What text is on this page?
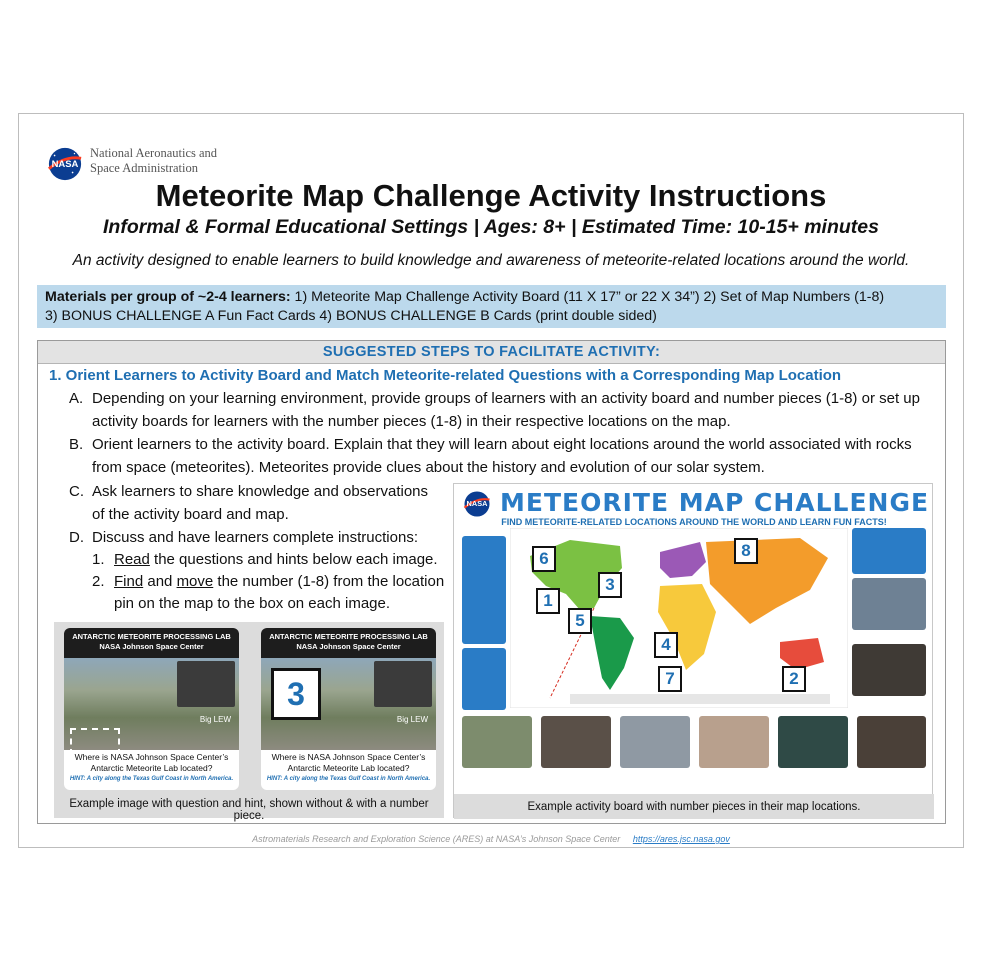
NASA
National Aeronautics and
Space Administration
Meteorite Map Challenge Activity Instructions
Informal & Formal Educational Settings | Ages: 8+ | Estimated Time: 10-15+ minutes
An activity designed to enable learners to build knowledge and awareness of meteorite-related locations around the world.
Materials per group of ~2-4 learners: 1) Meteorite Map Challenge Activity Board (11 X 17” or 22 X 34”) 2) Set of Map Numbers (1-8)
3) BONUS CHALLENGE A Fun Fact Cards 4) BONUS CHALLENGE B Cards (print double sided)
SUGGESTED STEPS TO FACILITATE ACTIVITY:
1. Orient Learners to Activity Board and Match Meteorite-related Questions with a Corresponding Map Location
A. Depending on your learning environment, provide groups of learners with an activity board and number pieces (1-8) or set up
activity boards for learners with the number pieces (1-8) in their respective locations on the map.
B. Orient learners to the activity board. Explain that they will learn about eight locations around the world associated with rocks
from space (meteorites). Meteorites provide clues about the history and evolution of our solar system.
C. Ask learners to share knowledge and observations
of the activity board and map.
D. Discuss and have learners complete instructions:
1. Read the questions and hints below each image.
2. Find and move the number (1-8) from the location
pin on the map to the box on each image.
ANTARCTIC METEORITE PROCESSING LAB
NASA Johnson Space Center
Big LEW
Where is NASA Johnson Space Center’s
Antarctic Meteorite Lab located?
HINT: A city along the Texas Gulf Coast in North America.
ANTARCTIC METEORITE PROCESSING LAB
NASA Johnson Space Center
Big LEW
3
Where is NASA Johnson Space Center’s
Antarctic Meteorite Lab located?
HINT: A city along the Texas Gulf Coast in North America.
Example image with question and hint, shown without & with a number piece.
NASA METEORITE MAP CHALLENGE
FIND METEORITE-RELATED LOCATIONS AROUND THE WORLD AND LEARN FUN FACTS!
6	8
3
1
5
4
7	2
Example activity board with number pieces in their map locations.
Astromaterials Research and Exploration Science (ARES) at NASA’s Johnson Space Center https://ares.jsc.nasa.gov
